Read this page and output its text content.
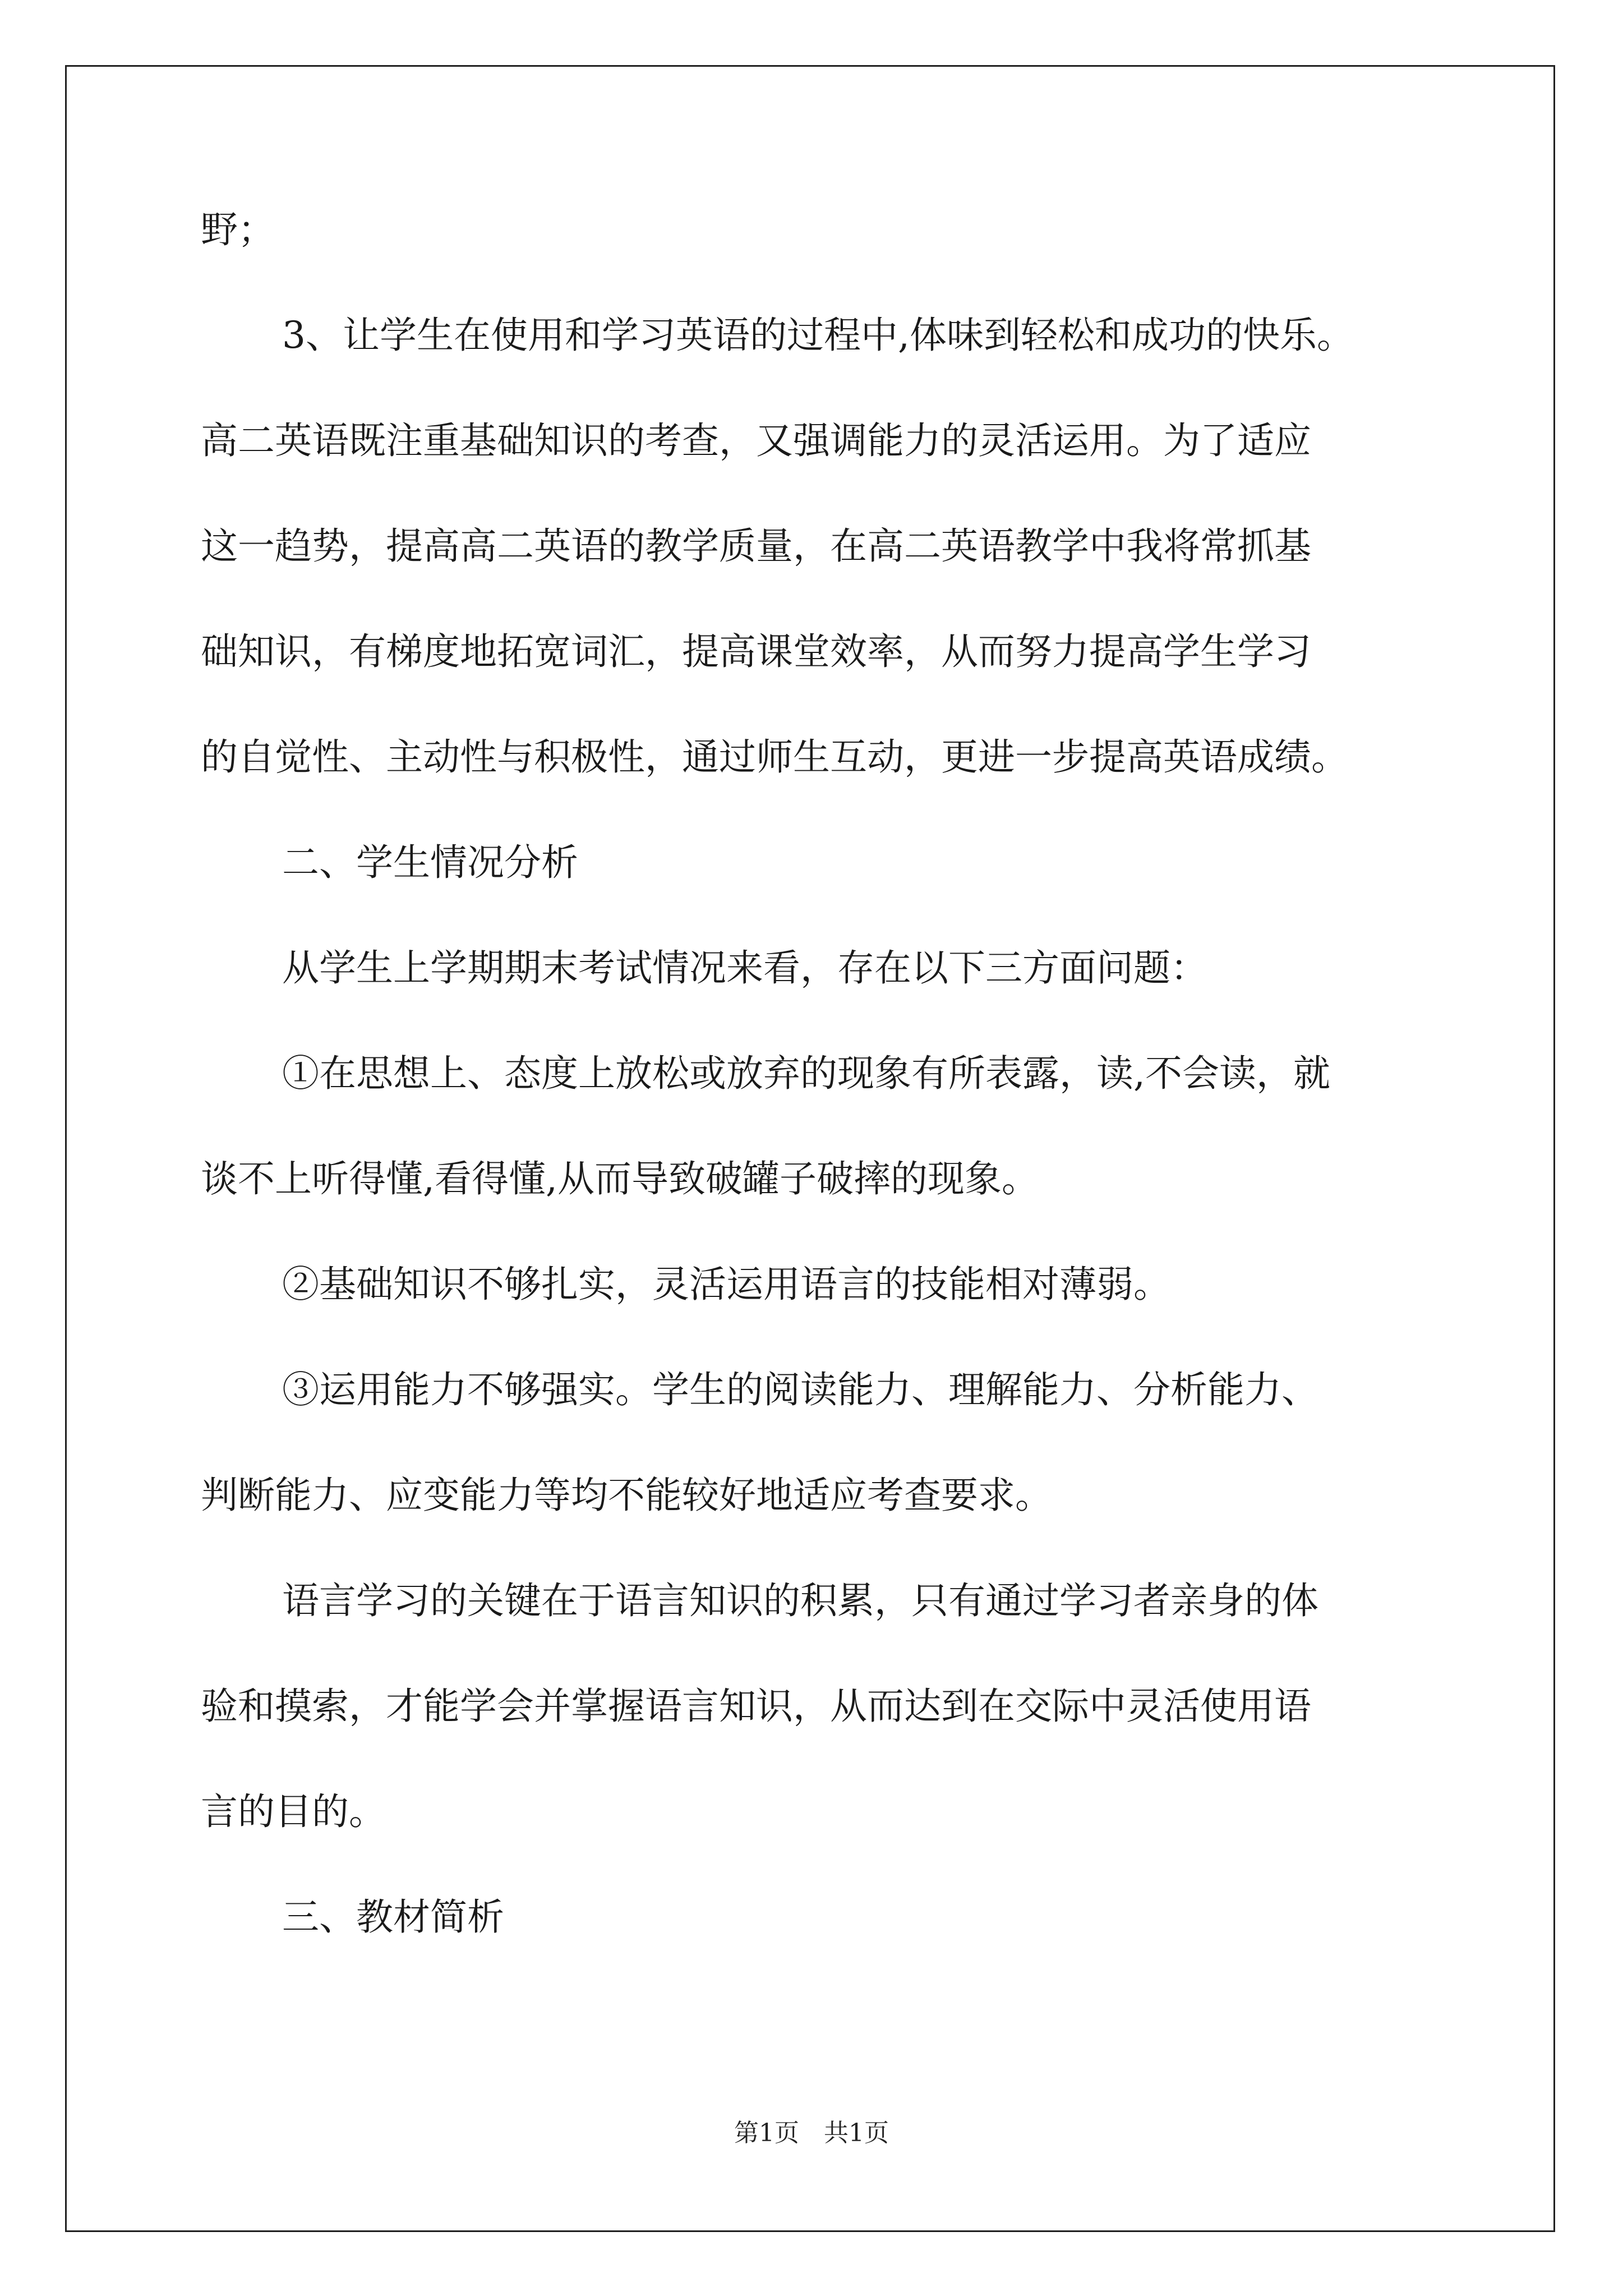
野；
3、让学生在使用和学习英语的过程中,体味到轻松和成功的快乐。
高二英语既注重基础知识的考查，又强调能力的灵活运用。为了适应
这一趋势，提高高二英语的教学质量，在高二英语教学中我将常抓基
础知识，有梯度地拓宽词汇，提高课堂效率，从而努力提高学生学习
的自觉性、主动性与积极性，通过师生互动，更进一步提高英语成绩。
二、学生情况分析
从学生上学期期末考试情况来看，存在以下三方面问题：
①在思想上、态度上放松或放弃的现象有所表露，读,不会读，就
谈不上听得懂,看得懂,从而导致破罐子破摔的现象。
②基础知识不够扎实，灵活运用语言的技能相对薄弱。
③运用能力不够强实。学生的阅读能力、理解能力、分析能力、
判断能力、应变能力等均不能较好地适应考查要求。
语言学习的关键在于语言知识的积累，只有通过学习者亲身的体
验和摸索，才能学会并掌握语言知识，从而达到在交际中灵活使用语
言的目的。
三、教材简析
第1页　共1页
